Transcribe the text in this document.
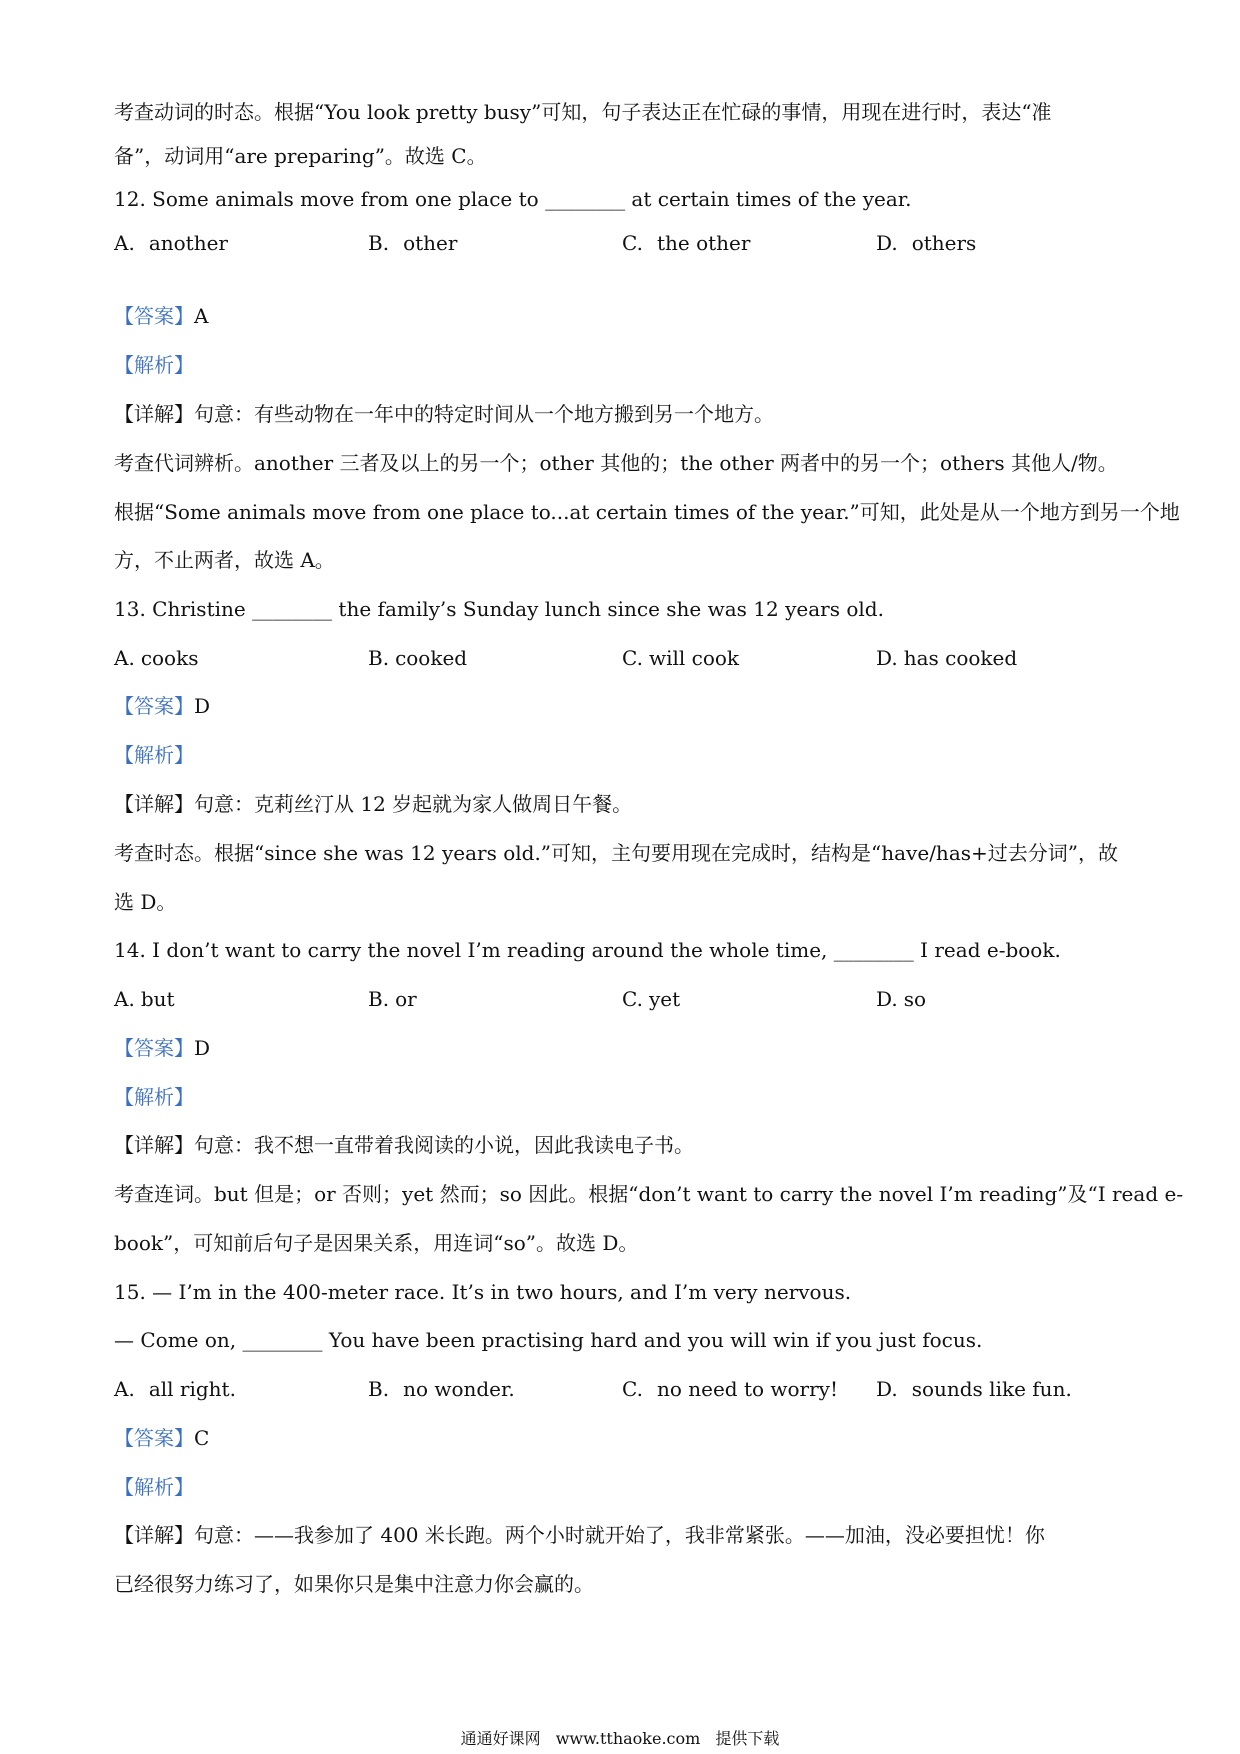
考查动词的时态。根据“You look pretty busy”可知，句子表达正在忙碌的事情，用现在进行时，表达“准
备”，动词用“are preparing”。故选 C。
12. Some animals move from one place to ________ at certain times of the year.
A. another	B. other	C. the other	D. others
【答案】A
【解析】
【详解】句意：有些动物在一年中的特定时间从一个地方搬到另一个地方。
考查代词辨析。another 三者及以上的另一个；other 其他的；the other 两者中的另一个；others 其他人/物。
根据“Some animals move from one place to...at certain times of the year.”可知，此处是从一个地方到另一个地
方，不止两者，故选 A。
13. Christine ________ the family’s Sunday lunch since she was 12 years old.
A. cooks	B. cooked	C. will cook	D. has cooked
【答案】D
【解析】
【详解】句意：克莉丝汀从 12 岁起就为家人做周日午餐。
考查时态。根据“since she was 12 years old.”可知，主句要用现在完成时，结构是“have/has+过去分词”，故
选 D。
14. I don’t want to carry the novel I’m reading around the whole time, ________ I read e-book.
A. but	B. or	C. yet	D. so
【答案】D
【解析】
【详解】句意：我不想一直带着我阅读的小说，因此我读电子书。
考查连词。but 但是；or 否则；yet 然而；so 因此。根据“don’t want to carry the novel I’m reading”及“I read e-
book”，可知前后句子是因果关系，用连词“so”。故选 D。
15. — I’m in the 400-meter race. It’s in two hours, and I’m very nervous.
— Come on, ________ You have been practising hard and you will win if you just focus.
A. all right.	B. no wonder.	C. no need to worry! D. sounds like fun.
【答案】C
【解析】
【详解】句意：——我参加了 400 米长跑。两个小时就开始了，我非常紧张。——加油，没必要担忧！你
已经很努力练习了，如果你只是集中注意力你会赢的。
通通好课网 www.tthaoke.com 提供下载
